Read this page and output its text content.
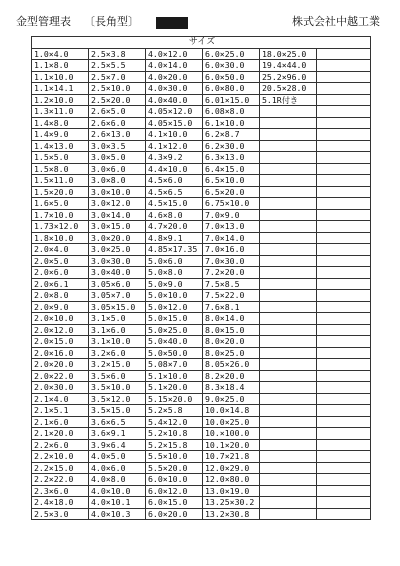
金型管理表 〔長角型〕	株式会社中越工業
サイズ					
1.0×4.0	2.5×3.8	4.0×12.0	6.0×25.0	18.0×25.0	
1.1×8.0	2.5×5.5	4.0×14.0	6.0×30.0	19.4×44.0	
1.1×10.0	2.5×7.0	4.0×20.0	6.0×50.0	25.2×96.0	
1.1×14.1	2.5×10.0	4.0×30.0	6.0×80.0	20.5×28.0	
1.2×10.0	2.5×20.0	4.0×40.0	6.01×15.0	5.1R付き	
1.3×11.0	2.6×5.0	4.05×12.0	6.08×8.0		
1.4×8.0	2.6×6.0	4.05×15.0	6.1×10.0		
1.4×9.0	2.6×13.0	4.1×10.0	6.2×8.7		
1.4×13.0	3.0×3.5	4.1×12.0	6.2×30.0		
1.5×5.0	3.0×5.0	4.3×9.2	6.3×13.0		
1.5×8.0	3.0×6.0	4.4×10.0	6.4×15.0		
1.5×11.0	3.0×8.0	4.5×6.0	6.5×10.0		
1.5×20.0	3.0×10.0	4.5×6.5	6.5×20.0		
1.6×5.0	3.0×12.0	4.5×15.0	6.75×10.0		
1.7×10.0	3.0×14.0	4.6×8.0	7.0×9.0		
1.73×12.0	3.0×15.0	4.7×20.0	7.0×13.0		
1.8×10.0	3.0×20.0	4.8×9.1	7.0×14.0		
2.0×4.0	3.0×25.0	4.85×17.35	7.0×16.0		
2.0×5.0	3.0×30.0	5.0×6.0	7.0×30.0		
2.0×6.0	3.0×40.0	5.0×8.0	7.2×20.0		
2.0×6.1	3.05×6.0	5.0×9.0	7.5×8.5		
2.0×8.0	3.05×7.0	5.0×10.0	7.5×22.0		
2.0×9.0	3.05×15.0	5.0×12.0	7.6×8.1		
2.0×10.0	3.1×5.0	5.0×15.0	8.0×14.0		
2.0×12.0	3.1×6.0	5.0×25.0	8.0×15.0		
2.0×15.0	3.1×10.0	5.0×40.0	8.0×20.0		
2.0×16.0	3.2×6.0	5.0×50.0	8.0×25.0		
2.0×20.0	3.2×15.0	5.08×7.0	8.05×26.0		
2.0×22.0	3.5×6.0	5.1×10.0	8.2×20.0		
2.0×30.0	3.5×10.0	5.1×20.0	8.3×18.4		
2.1×4.0	3.5×12.0	5.15×20.0	9.0×25.0		
2.1×5.1	3.5×15.0	5.2×5.8	10.0×14.8		
2.1×6.0	3.6×6.5	5.4×12.0	10.0×25.0		
2.1×20.0	3.6×9.1	5.2×10.8	10.×100.0		
2.2×6.0	3.9×6.4	5.2×15.8	10.1×20.0		
2.2×10.0	4.0×5.0	5.5×10.0	10.7×21.8		
2.2×15.0	4.0×6.0	5.5×20.0	12.0×29.0		
2.2×22.0	4.0×8.0	6.0×10.0	12.0×80.0		
2.3×6.0	4.0×10.0	6.0×12.0	13.0×19.0		
2.4×18.0	4.0×10.1	6.0×15.0	13.25×30.2		
2.5×3.0	4.0×10.3	6.0×20.0	13.2×30.8		
